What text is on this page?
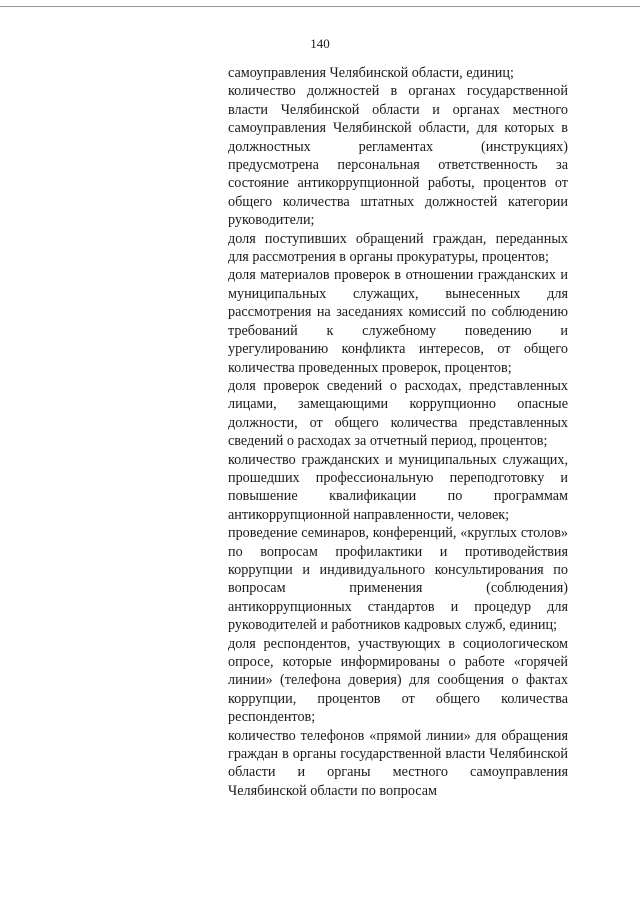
140

самоуправления Челябинской области, единиц;

количество должностей в органах государственной власти Челябинской области и органах местного самоуправления Челябинской области, для которых в должностных регламентах (инструкциях) предусмотрена персональная ответственность за состояние антикоррупционной работы, процентов от общего количества штатных должностей категории руководители;

доля поступивших обращений граждан, переданных для рассмотрения в органы прокуратуры, процентов;

доля материалов проверок в отношении гражданских и муниципальных служащих, вынесенных для рассмотрения на заседаниях комиссий по соблюдению требований к служебному поведению и урегулированию конфликта интересов, от общего количества проведенных проверок, процентов;

доля проверок сведений о расходах, представленных лицами, замещающими коррупционно опасные должности, от общего количества представленных сведений о расходах за отчетный период, процентов;

количество гражданских и муниципальных служащих, прошедших профессиональную переподготовку и повышение квалификации по программам антикоррупционной направленности, человек;

проведение семинаров, конференций, «круглых столов» по вопросам профилактики и противодействия коррупции и индивидуального консультирования по вопросам применения (соблюдения) антикоррупционных стандартов и процедур для руководителей и работников кадровых служб, единиц;

доля респондентов, участвующих в социологическом опросе, которые информированы о работе «горячей линии» (телефона доверия) для сообщения о фактах коррупции, процентов от общего количества респондентов;

количество телефонов «прямой линии» для обращения граждан в органы государственной власти Челябинской области и органы местного самоуправления Челябинской области по вопросам
